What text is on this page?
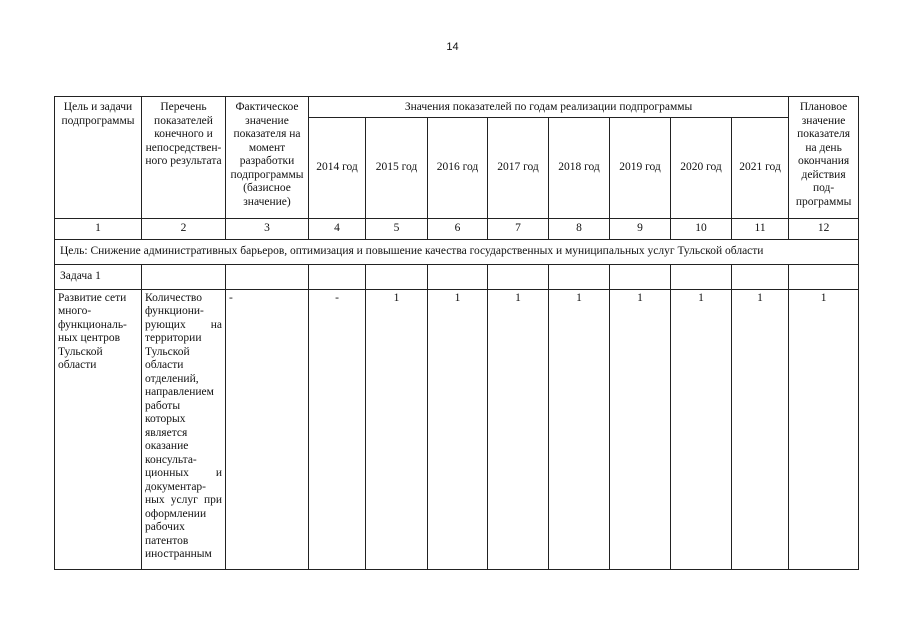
14
Цель и задачи подпрограммы	Перечень показателей конечного и непосредствен-ного результата	Фактическое значение показателя на момент разработки подпрограммы (базисное значение)	Значения показателей по годам реализации подпрограммы								Плановое значение показателя на день окончания действия под-программы
			2014 год	2015 год	2016 год	2017 год	2018 год	2019 год	2020 год	2021 год	
1	2	3	4	5	6	7	8	9	10	11	12
Цель: Снижение административных барьеров, оптимизация и повышение качества государственных и муниципальных услуг Тульской области											
Задача 1											
Развитие сети много-функциональ-ных центров Тульской области	Количество функциони-рующих на территории Тульской области отделений, направлением работы которых является оказание консульта-ционных и документар-ных услуг при оформлении рабочих патентов иностранным	-	-	1	1	1	1	1	1	1	1
